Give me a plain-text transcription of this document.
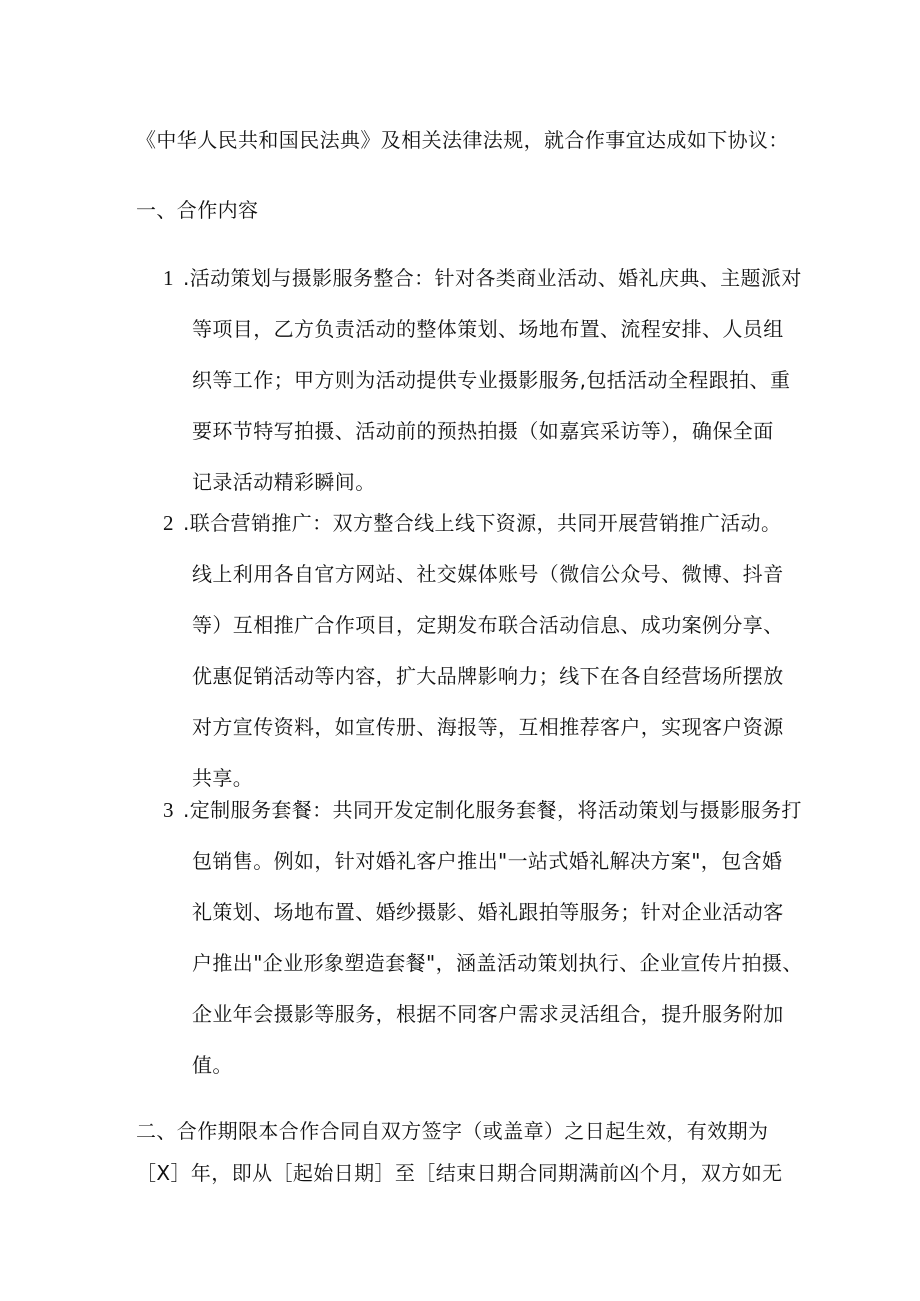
《中华人民共和国民法典》及相关法律法规，就合作事宜达成如下协议：
一、合作内容
1 .活动策划与摄影服务整合：针对各类商业活动、婚礼庆典、主题派对
等项目，乙方负责活动的整体策划、场地布置、流程安排、人员组
织等工作；甲方则为活动提供专业摄影服务,包括活动全程跟拍、重
要环节特写拍摄、活动前的预热拍摄（如嘉宾采访等），确保全面
记录活动精彩瞬间。
2 .联合营销推广：双方整合线上线下资源，共同开展营销推广活动。
线上利用各自官方网站、社交媒体账号（微信公众号、微博、抖音
等）互相推广合作项目，定期发布联合活动信息、成功案例分享、
优惠促销活动等内容，扩大品牌影响力；线下在各自经营场所摆放
对方宣传资料，如宣传册、海报等，互相推荐客户，实现客户资源
共享。
3 .定制服务套餐：共同开发定制化服务套餐，将活动策划与摄影服务打
包销售。例如，针对婚礼客户推出"一站式婚礼解决方案"，包含婚
礼策划、场地布置、婚纱摄影、婚礼跟拍等服务；针对企业活动客
户推出"企业形象塑造套餐"，涵盖活动策划执行、企业宣传片拍摄、
企业年会摄影等服务，根据不同客户需求灵活组合，提升服务附加
值。
二、合作期限本合作合同自双方签字（或盖章）之日起生效，有效期为
［X］年，即从［起始日期］至［结束日期合同期满前凶个月，双方如无
